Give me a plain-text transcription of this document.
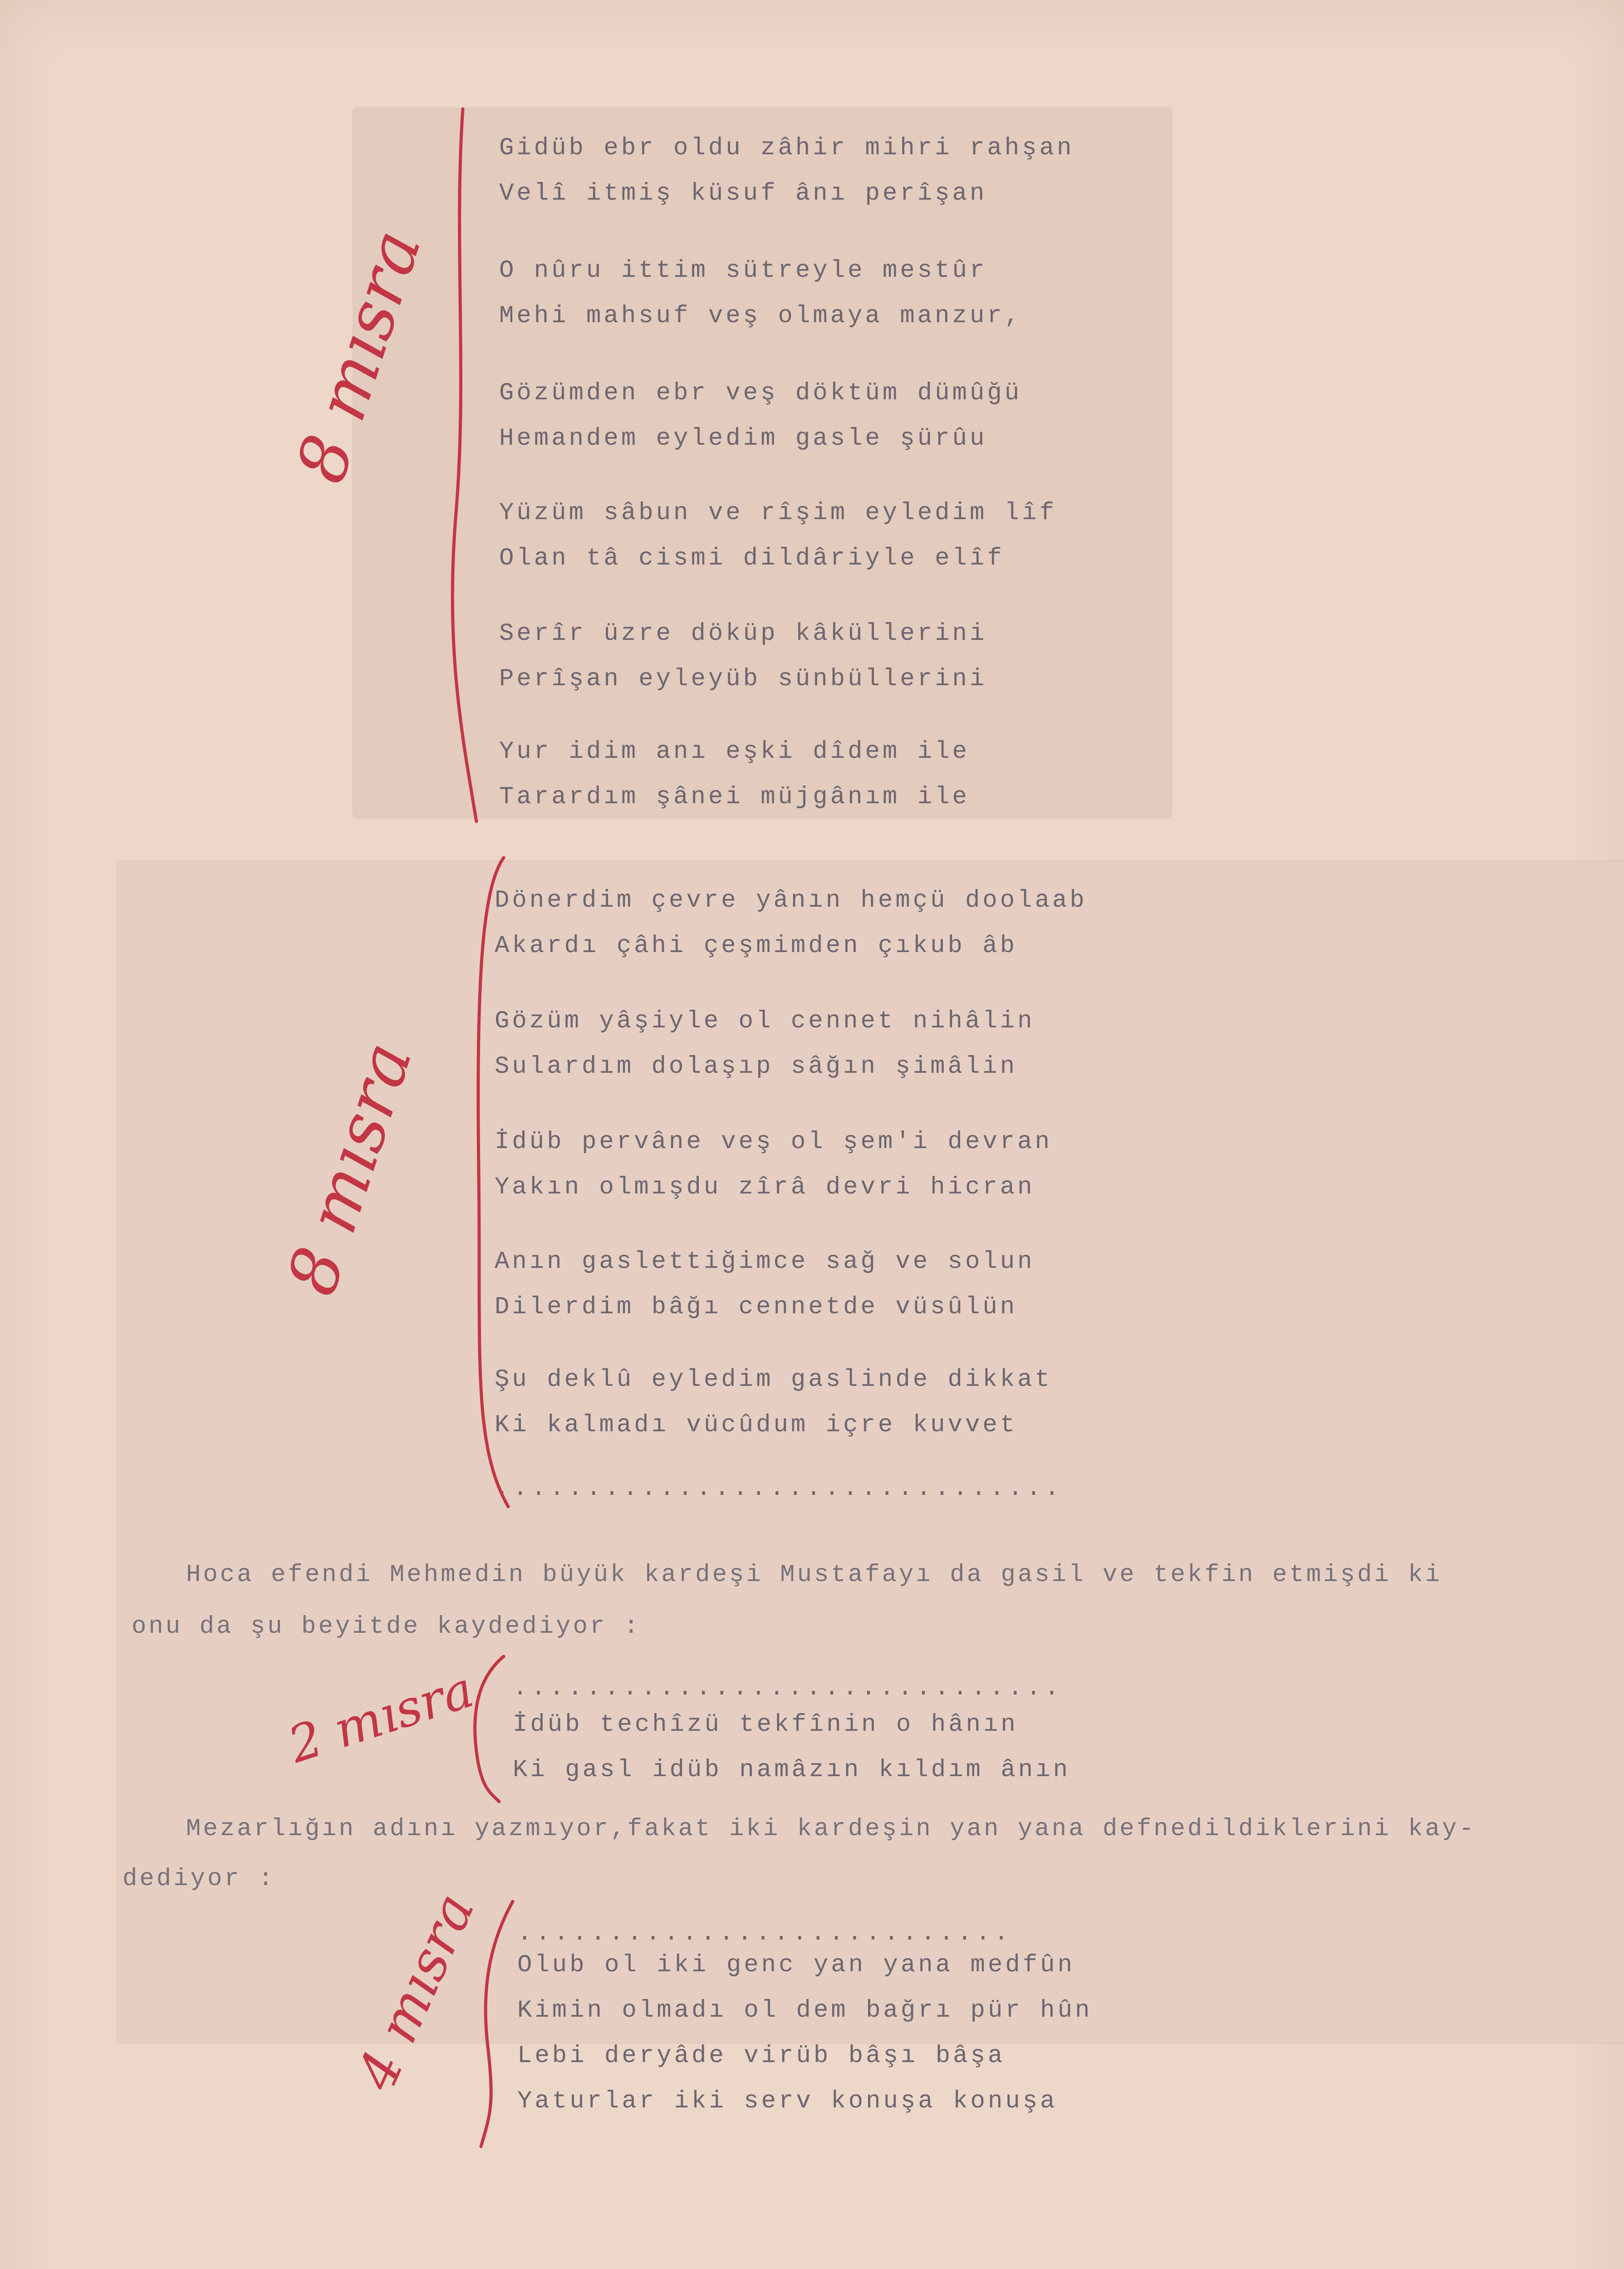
Gidüb ebr oldu zâhir mihri rahşan
Velî itmiş küsuf ânı perîşan
O nûru ittim sütreyle mestûr
Mehi mahsuf veş olmaya manzur,
Gözümden ebr veş döktüm dümûğü
Hemandem eyledim gasle şürûu
Yüzüm sâbun ve rîşim eyledim lîf
Olan tâ cismi dildâriyle elîf
Serîr üzre döküp kâküllerini
Perîşan eyleyüb sünbüllerini
Yur idim anı eşki dîdem ile
Tarardım şânei müjgânım ile
Dönerdim çevre yânın hemçü doolaab
Akardı çâhi çeşmimden çıkub âb
Gözüm yâşiyle ol cennet nihâlin
Sulardım dolaşıp sâğın şimâlin
İdüb pervâne veş ol şem'i devran
Yakın olmışdu zîrâ devri hicran
Anın gaslettiğimce sağ ve solun
Dilerdim bâğı cennetde vüsûlün
Şu deklû eyledim gaslinde dikkat
Ki kalmadı vücûdum içre kuvvet
...............................
Hoca efendi Mehmedin büyük kardeşi Mustafayı da gasil ve tekfin etmişdi ki
onu da şu beyitde kaydediyor :
..............................
İdüb techîzü tekfînin o hânın
Ki gasl idüb namâzın kıldım ânın
Mezarlığın adını yazmıyor,fakat iki kardeşin yan yana defnedildiklerini kay-
dediyor :
...........................
Olub ol iki genc yan yana medfûn
Kimin olmadı ol dem bağrı pür hûn
Lebi deryâde virüb bâşı bâşa
Yaturlar iki serv konuşa konuşa
8 mısra
8 mısra
2 mısra
4 mısra
